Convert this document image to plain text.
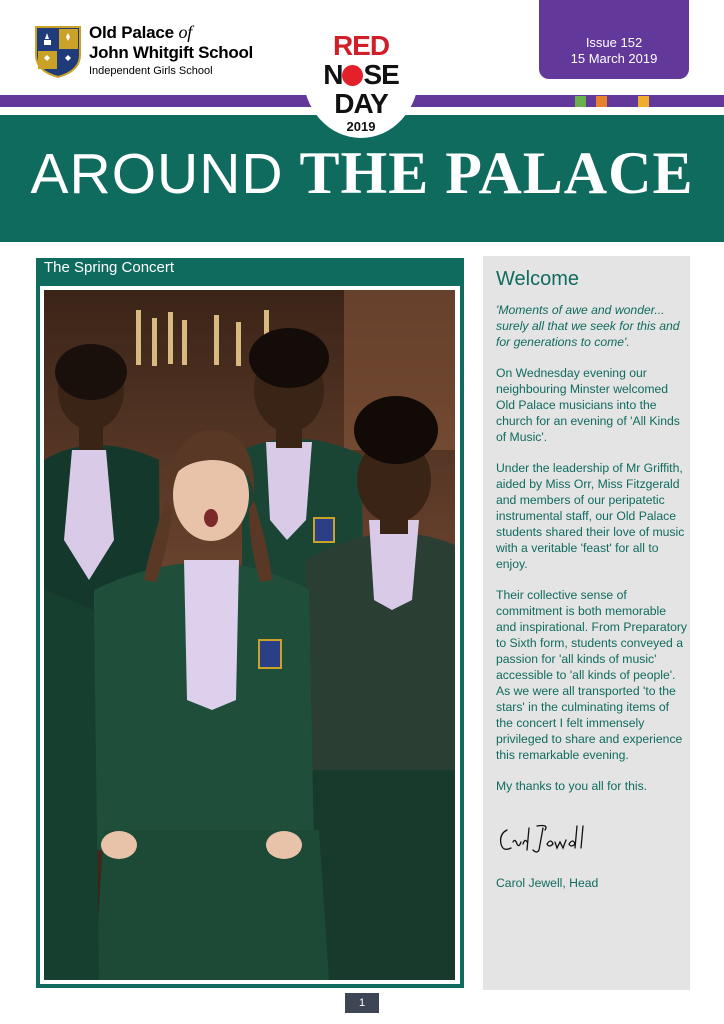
Old Palace of
John Whitgift School
Independent Girls School
Issue 152
15 March 2019
AROUND THE PALACE
RED
N SE
DAY
2019
The Spring Concert
Welcome

'Moments of awe and wonder... surely all that we seek for this and for generations to come'.

On Wednesday evening our neighbouring Minster welcomed Old Palace musicians into the church for an evening of 'All Kinds of Music'.

Under the leadership of Mr Griffith, aided by Miss Orr, Miss Fitzgerald and members of our peripatetic instrumental staff, our Old Palace students shared their love of music with a veritable 'feast' for all to enjoy.

Their collective sense of commitment is both memorable and inspirational. From Preparatory to Sixth form, students conveyed a passion for 'all kinds of music' accessible to 'all kinds of people'. As we were all transported 'to the stars' in the culminating items of the concert I felt immensely privileged to share and experience this remarkable evening.

My thanks to you all for this.

Carol Jewell, Head
1
